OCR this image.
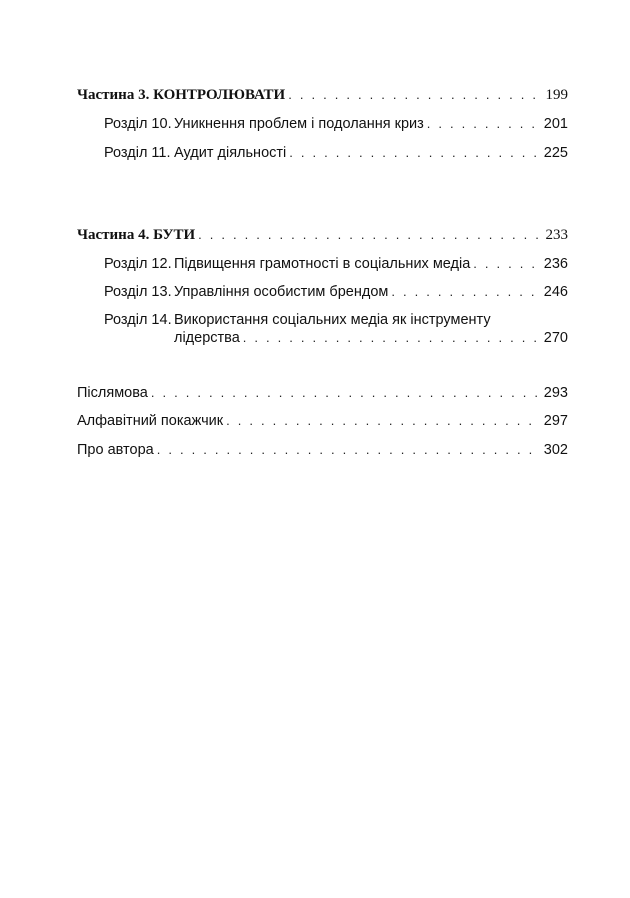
Частина 3. КОНТРОЛЮВАТИ . . .	199
Розділ 10. Уникнення проблем і подолання криз . . .	201
Розділ 11. Аудит діяльності . . .	225
Частина 4. БУТИ . . .	233
Розділ 12. Підвищення грамотності в соціальних медіа . . .	236
Розділ 13. Управління особистим брендом . . .	246
Розділ 14. Використання соціальних медіа як інструменту
лідерства . . .	270
Післямова . . .	293
Алфавітний покажчик . . .	297
Про автора . . .	302
